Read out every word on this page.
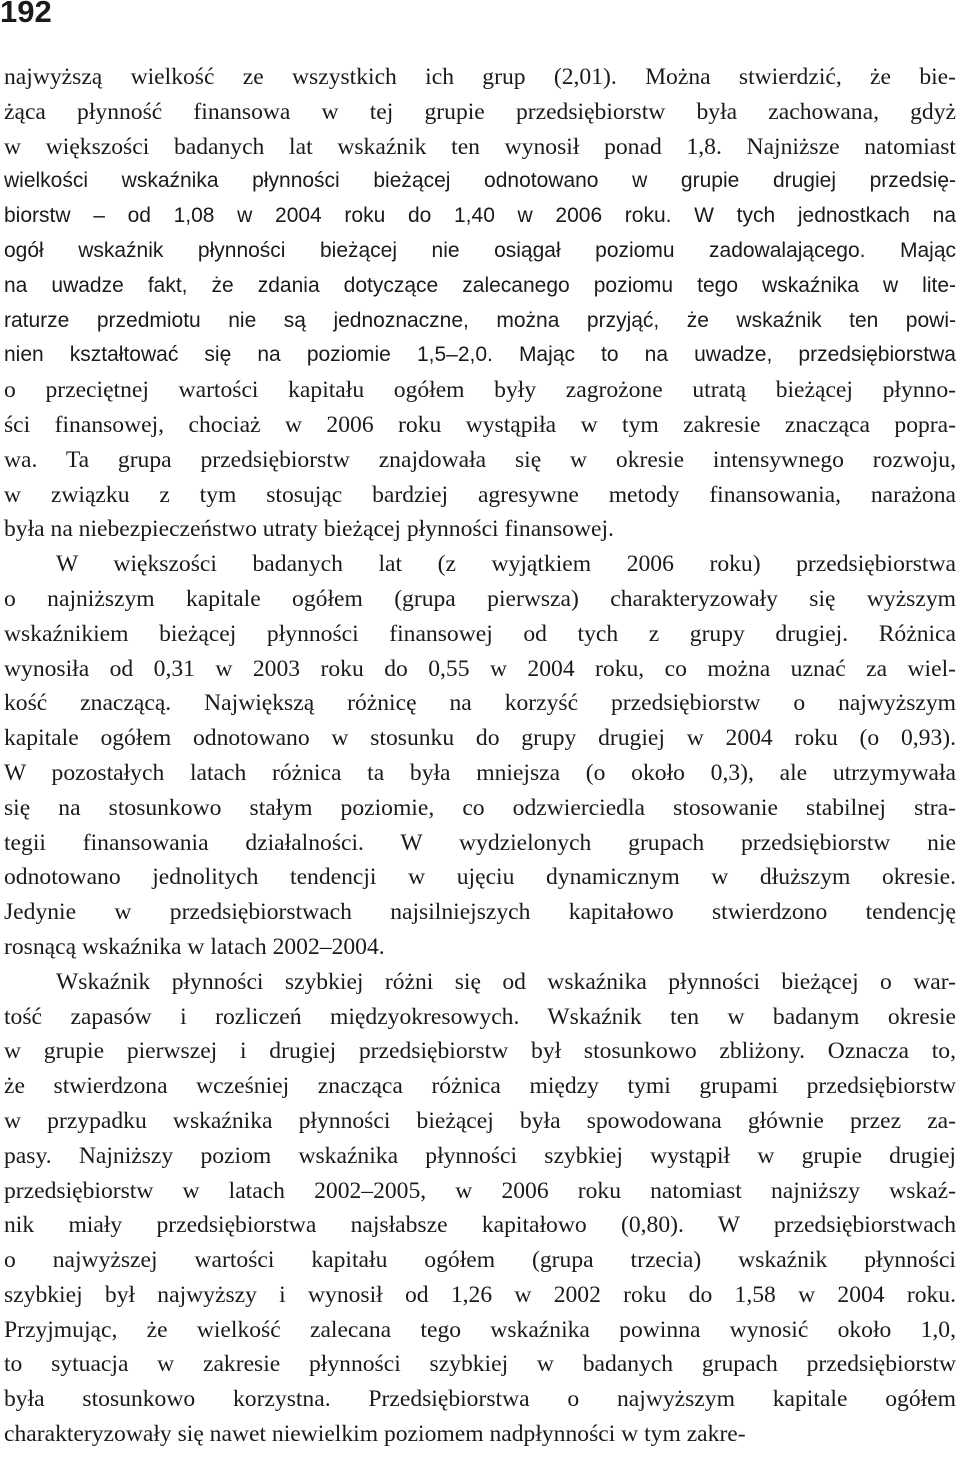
192
najwyższą wielkość ze wszystkich ich grup (2,01). Można stwierdzić, że bie-
żąca płynność finansowa w tej grupie przedsiębiorstw była zachowana, gdyż
w większości badanych lat wskaźnik ten wynosił ponad 1,8. Najniższe natomiast
wielkości wskaźnika płynności bieżącej odnotowano w grupie drugiej przedsię-
biorstw – od 1,08 w 2004 roku do 1,40 w 2006 roku. W tych jednostkach na
ogół wskaźnik płynności bieżącej nie osiągał poziomu zadowalającego. Mając
na uwadze fakt, że zdania dotyczące zalecanego poziomu tego wskaźnika w lite-
raturze przedmiotu nie są jednoznaczne, można przyjąć, że wskaźnik ten powi-
nien kształtować się na poziomie 1,5–2,0. Mając to na uwadze, przedsiębiorstwa
o przeciętnej wartości kapitału ogółem były zagrożone utratą bieżącej płynno-
ści finansowej, chociaż w 2006 roku wystąpiła w tym zakresie znacząca popra-
wa. Ta grupa przedsiębiorstw znajdowała się w okresie intensywnego rozwoju,
w związku z tym stosując bardziej agresywne metody finansowania, narażona
była na niebezpieczeństwo utraty bieżącej płynności finansowej.
W większości badanych lat (z wyjątkiem 2006 roku) przedsiębiorstwa
o najniższym kapitale ogółem (grupa pierwsza) charakteryzowały się wyższym
wskaźnikiem bieżącej płynności finansowej od tych z grupy drugiej. Różnica
wynosiła od 0,31 w 2003 roku do 0,55 w 2004 roku, co można uznać za wiel-
kość znaczącą. Największą różnicę na korzyść przedsiębiorstw o najwyższym
kapitale ogółem odnotowano w stosunku do grupy drugiej w 2004 roku (o 0,93).
W pozostałych latach różnica ta była mniejsza (o około 0,3), ale utrzymywała
się na stosunkowo stałym poziomie, co odzwierciedla stosowanie stabilnej stra-
tegii finansowania działalności. W wydzielonych grupach przedsiębiorstw nie
odnotowano jednolitych tendencji w ujęciu dynamicznym w dłuższym okresie.
Jedynie w przedsiębiorstwach najsilniejszych kapitałowo stwierdzono tendencję
rosnącą wskaźnika w latach 2002–2004.
Wskaźnik płynności szybkiej różni się od wskaźnika płynności bieżącej o war-
tość zapasów i rozliczeń międzyokresowych. Wskaźnik ten w badanym okresie
w grupie pierwszej i drugiej przedsiębiorstw był stosunkowo zbliżony. Oznacza to,
że stwierdzona wcześniej znacząca różnica między tymi grupami przedsiębiorstw
w przypadku wskaźnika płynności bieżącej była spowodowana głównie przez za-
pasy. Najniższy poziom wskaźnika płynności szybkiej wystąpił w grupie drugiej
przedsiębiorstw w latach 2002–2005, w 2006 roku natomiast najniższy wskaź-
nik miały przedsiębiorstwa najsłabsze kapitałowo (0,80). W przedsiębiorstwach
o najwyższej wartości kapitału ogółem (grupa trzecia) wskaźnik płynności
szybkiej był najwyższy i wynosił od 1,26 w 2002 roku do 1,58 w 2004 roku.
Przyjmując, że wielkość zalecana tego wskaźnika powinna wynosić około 1,0,
to sytuacja w zakresie płynności szybkiej w badanych grupach przedsiębiorstw
była stosunkowo korzystna. Przedsiębiorstwa o najwyższym kapitale ogółem
charakteryzowały się nawet niewielkim poziomem nadpłynności w tym zakre-
